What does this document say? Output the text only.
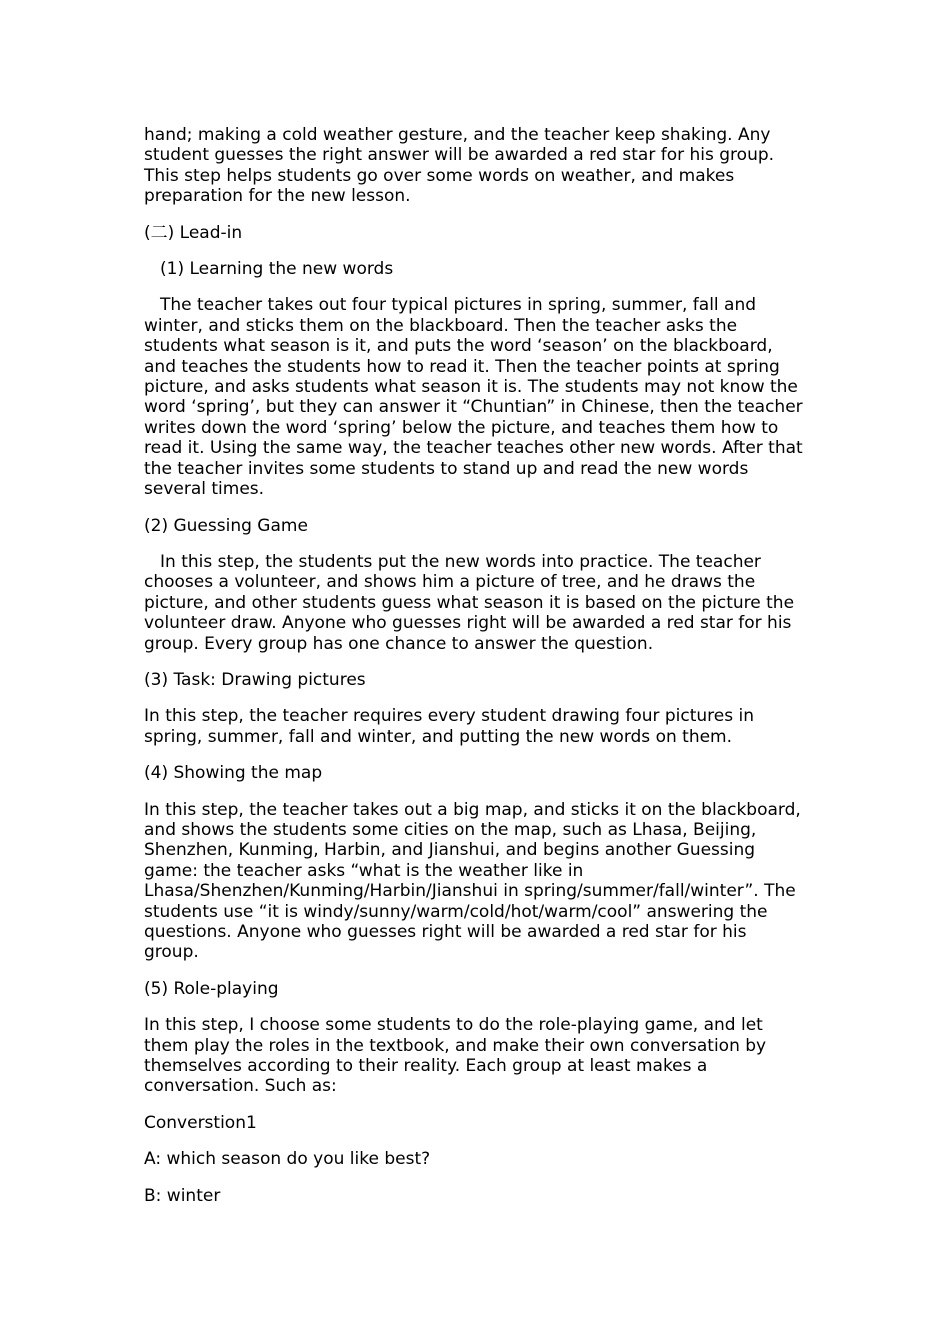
hand; making a cold weather gesture, and the teacher keep shaking. Any student guesses the right answer will be awarded a red star for his group. This step helps students go over some words on weather, and makes preparation for the new lesson.

(二) Lead-in

(1) Learning the new words

The teacher takes out four typical pictures in spring, summer, fall and winter, and sticks them on the blackboard. Then the teacher asks the students what season is it, and puts the word ‘season’ on the blackboard, and teaches the students how to read it. Then the teacher points at spring picture, and asks students what season it is. The students may not know the word ‘spring’, but they can answer it “Chuntian” in Chinese, then the teacher writes down the word ‘spring’ below the picture, and teaches them how to read it. Using the same way, the teacher teaches other new words. After that the teacher invites some students to stand up and read the new words several times.

(2) Guessing Game

In this step, the students put the new words into practice. The teacher chooses a volunteer, and shows him a picture of tree, and he draws the picture, and other students guess what season it is based on the picture the volunteer draw. Anyone who guesses right will be awarded a red star for his group. Every group has one chance to answer the question.

(3) Task: Drawing pictures

In this step, the teacher requires every student drawing four pictures in spring, summer, fall and winter, and putting the new words on them.

(4) Showing the map

In this step, the teacher takes out a big map, and sticks it on the blackboard, and shows the students some cities on the map, such as Lhasa, Beijing, Shenzhen, Kunming, Harbin, and Jianshui, and begins another Guessing game: the teacher asks “what is the weather like in Lhasa/Shenzhen/Kunming/Harbin/Jianshui in spring/summer/fall/winter”. The students use “it is windy/sunny/warm/cold/hot/warm/cool” answering the questions. Anyone who guesses right will be awarded a red star for his group.

(5) Role-playing

In this step, I choose some students to do the role-playing game, and let them play the roles in the textbook, and make their own conversation by themselves according to their reality. Each group at least makes a conversation. Such as:

Converstion1

A: which season do you like best?

B: winter
